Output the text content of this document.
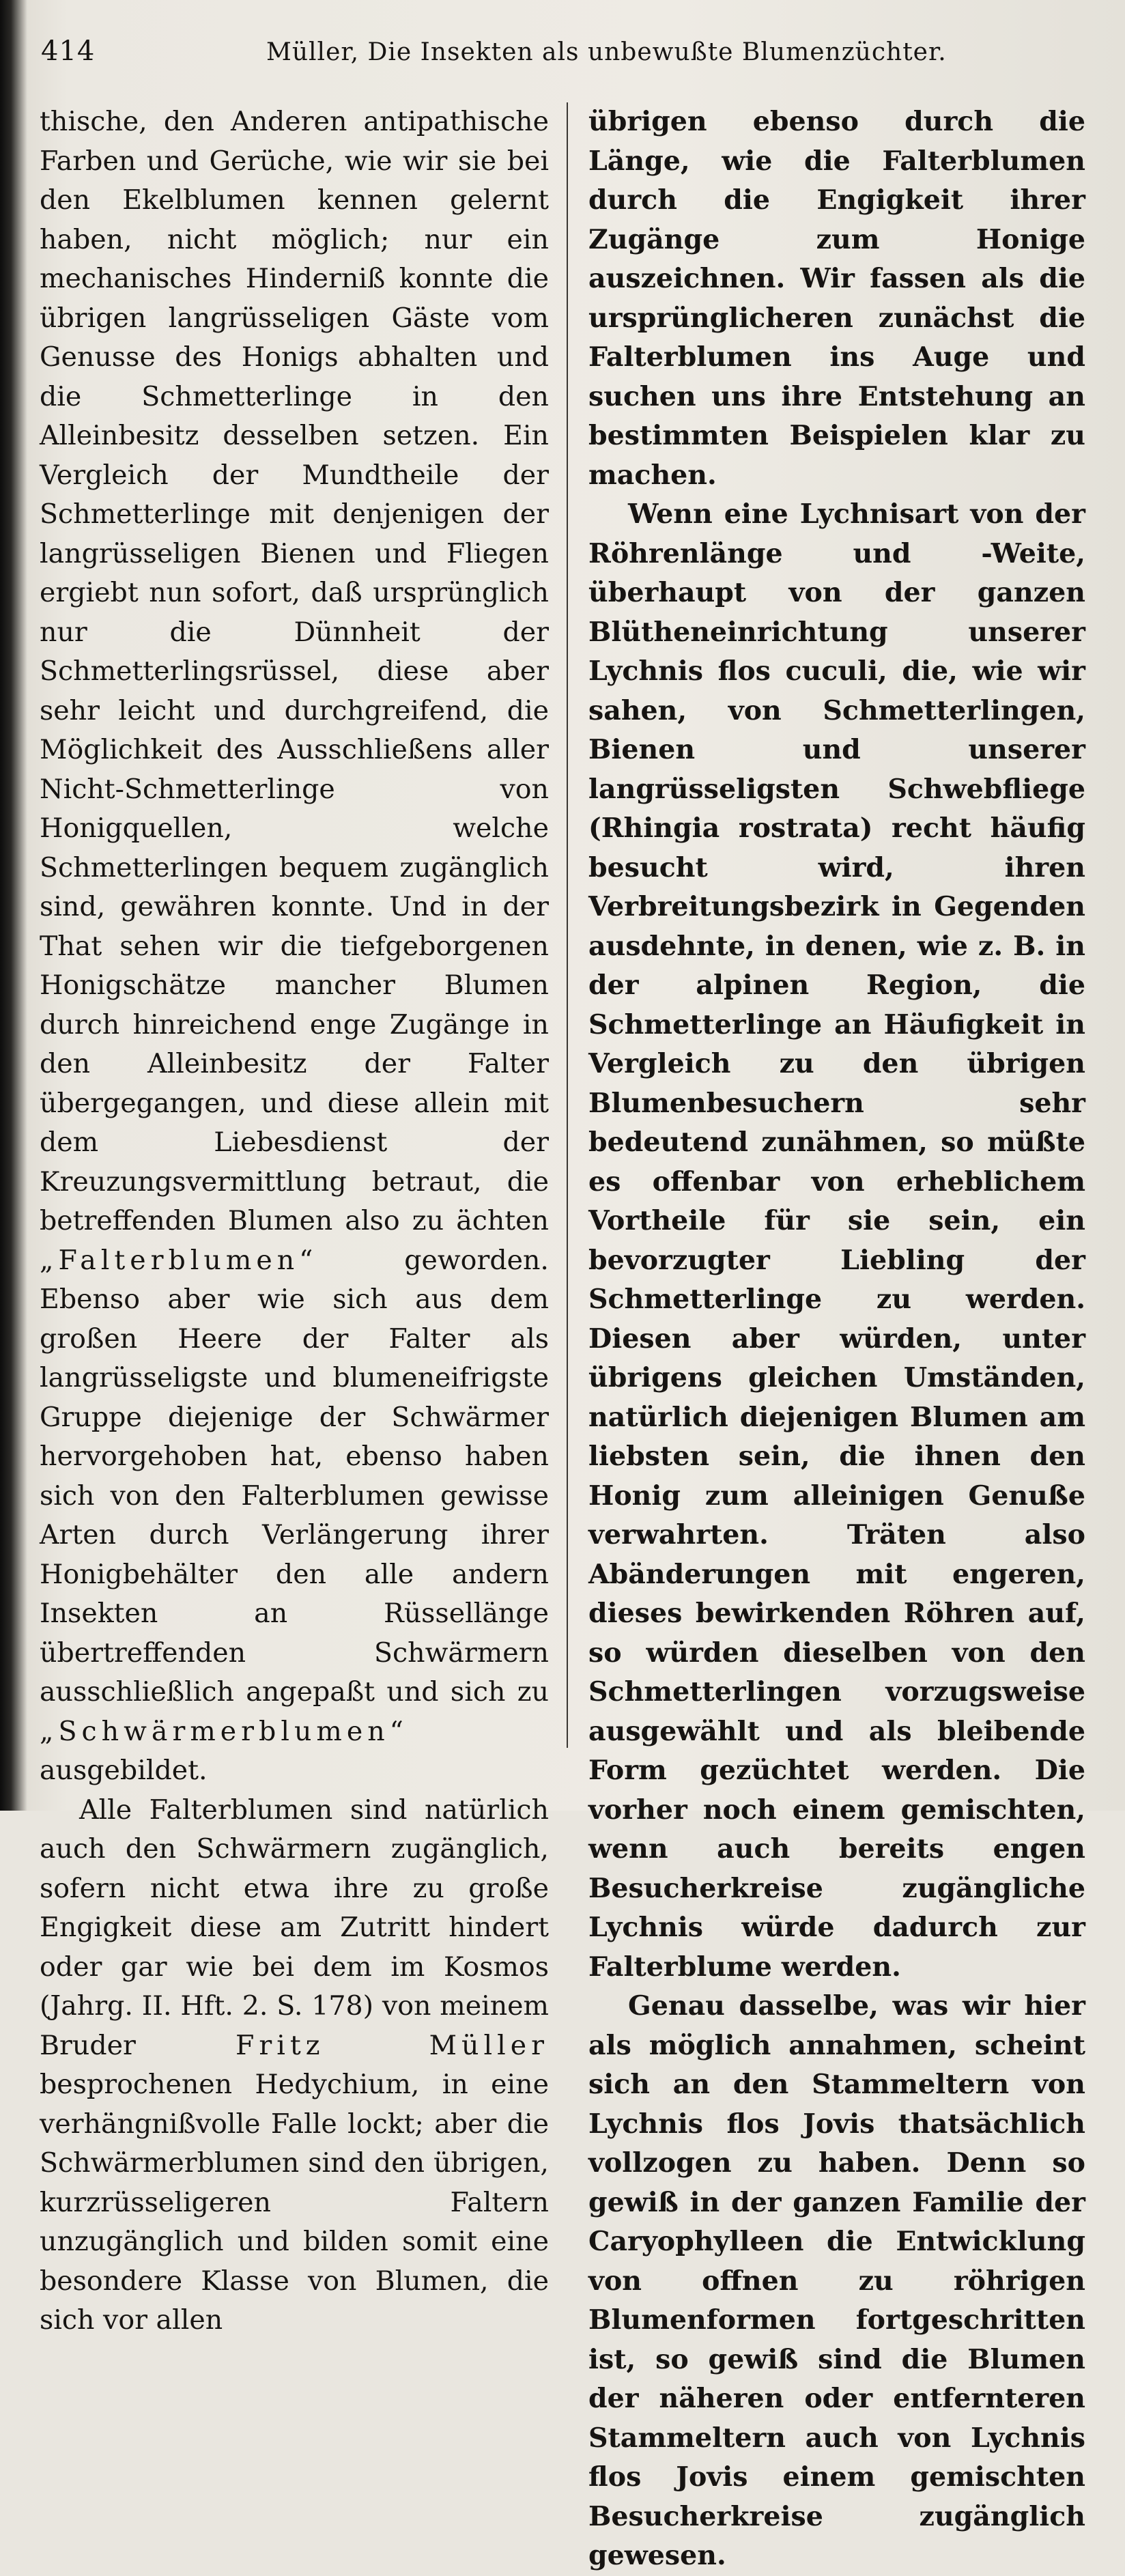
414	Müller, Die Insekten als unbewußte Blumenzüchter.

thische, den Anderen antipathische Farben und Gerüche, wie wir sie bei den Ekelblumen kennen gelernt haben, nicht möglich; nur ein mechanisches Hinderniß konnte die übrigen langrüsseligen Gäste vom Genusse des Honigs abhalten und die Schmetterlinge in den Alleinbesitz desselben setzen. Ein Vergleich der Mundtheile der Schmetterlinge mit denjenigen der langrüsseligen Bienen und Fliegen ergiebt nun sofort, daß ursprünglich nur die Dünnheit der Schmetterlingsrüssel, diese aber sehr leicht und durchgreifend, die Möglichkeit des Ausschließens aller Nicht-Schmetterlinge von Honigquellen, welche Schmetterlingen bequem zugänglich sind, gewähren konnte. Und in der That sehen wir die tiefgeborgenen Honigschätze mancher Blumen durch hinreichend enge Zugänge in den Alleinbesitz der Falter übergegangen, und diese allein mit dem Liebesdienst der Kreuzungsvermittlung betraut, die betreffenden Blumen also zu ächten „Falterblumen“ geworden. Ebenso aber wie sich aus dem großen Heere der Falter als langrüsseligste und blumeneifrigste Gruppe diejenige der Schwärmer hervorgehoben hat, ebenso haben sich von den Falterblumen gewisse Arten durch Verlängerung ihrer Honigbehälter den alle andern Insekten an Rüssellänge übertreffenden Schwärmern ausschließlich angepaßt und sich zu „Schwärmerblumen“ ausgebildet.

Alle Falterblumen sind natürlich auch den Schwärmern zugänglich, sofern nicht etwa ihre zu große Engigkeit diese am Zutritt hindert oder gar wie bei dem im Kosmos (Jahrg. II. Hft. 2. S. 178) von meinem Bruder Fritz Müller besprochenen Hedychium, in eine verhängnißvolle Falle lockt; aber die Schwärmerblumen sind den übrigen, kurzrüsseligeren Faltern unzugänglich und bilden somit eine besondere Klasse von Blumen, die sich vor allen

übrigen ebenso durch die Länge, wie die Falterblumen durch die Engigkeit ihrer Zugänge zum Honige auszeichnen. Wir fassen als die ursprünglicheren zunächst die Falterblumen ins Auge und suchen uns ihre Entstehung an bestimmten Beispielen klar zu machen.

Wenn eine Lychnisart von der Röhrenlänge und -Weite, überhaupt von der ganzen Blütheneinrichtung unserer Lychnis flos cuculi, die, wie wir sahen, von Schmetterlingen, Bienen und unserer langrüsseligsten Schwebfliege (Rhingia rostrata) recht häufig besucht wird, ihren Verbreitungsbezirk in Gegenden ausdehnte, in denen, wie z. B. in der alpinen Region, die Schmetterlinge an Häufigkeit in Vergleich zu den übrigen Blumenbesuchern sehr bedeutend zunähmen, so müßte es offenbar von erheblichem Vortheile für sie sein, ein bevorzugter Liebling der Schmetterlinge zu werden. Diesen aber würden, unter übrigens gleichen Umständen, natürlich diejenigen Blumen am liebsten sein, die ihnen den Honig zum alleinigen Genuße verwahrten. Träten also Abänderungen mit engeren, dieses bewirkenden Röhren auf, so würden dieselben von den Schmetterlingen vorzugsweise ausgewählt und als bleibende Form gezüchtet werden. Die vorher noch einem gemischten, wenn auch bereits engen Besucherkreise zugängliche Lychnis würde dadurch zur Falterblume werden.

Genau dasselbe, was wir hier als möglich annahmen, scheint sich an den Stammeltern von Lychnis flos Jovis thatsächlich vollzogen zu haben. Denn so gewiß in der ganzen Familie der Caryophylleen die Entwicklung von offnen zu röhrigen Blumenformen fortgeschritten ist, so gewiß sind die Blumen der näheren oder entfernteren Stammeltern auch von Lychnis flos Jovis einem gemischten Besucherkreise zugänglich gewesen.
